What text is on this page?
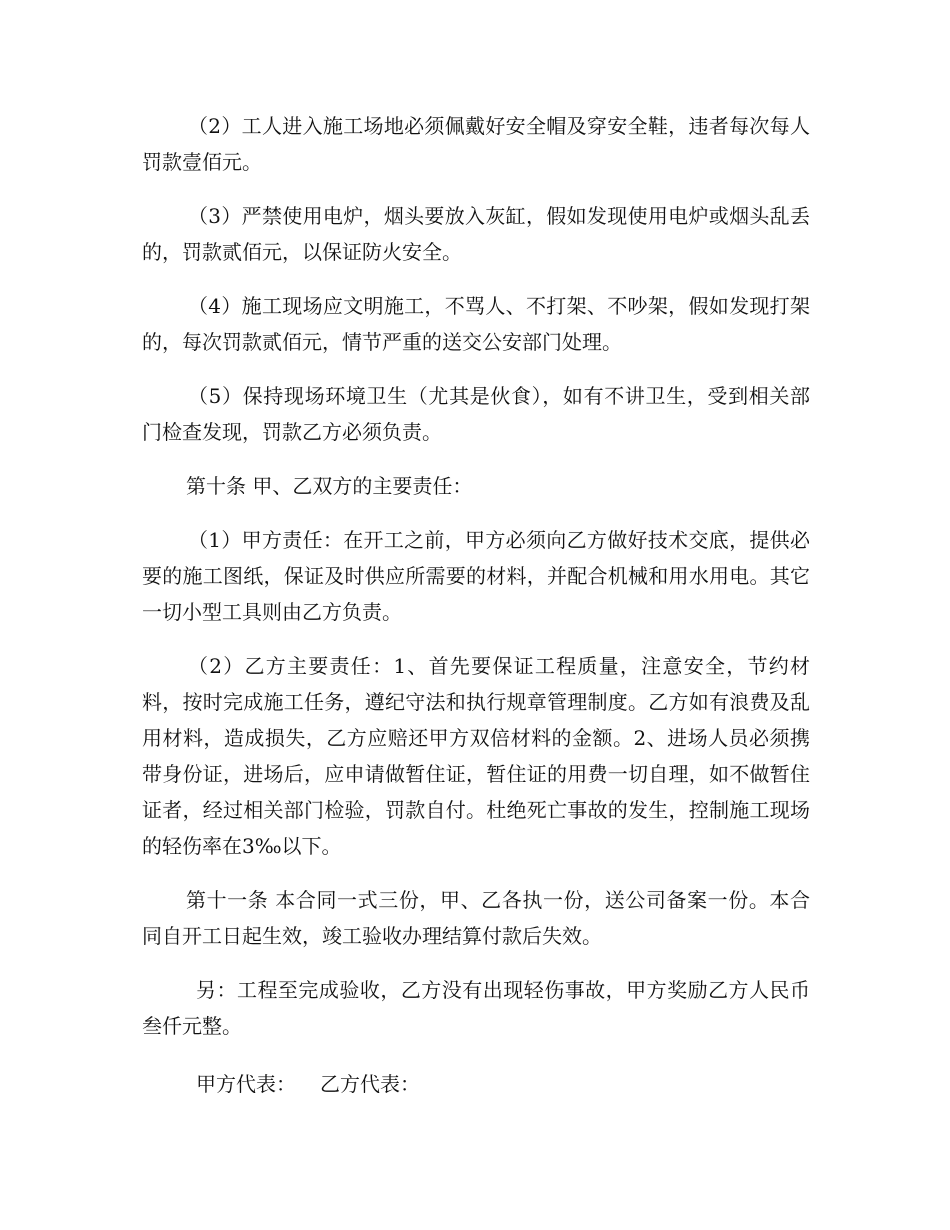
（2）工人进入施工场地必须佩戴好安全帽及穿安全鞋，违者每次每人罚款壹佰元。

（3）严禁使用电炉，烟头要放入灰缸，假如发现使用电炉或烟头乱丢的，罚款贰佰元，以保证防火安全。

（4）施工现场应文明施工，不骂人、不打架、不吵架，假如发现打架的，每次罚款贰佰元，情节严重的送交公安部门处理。

（5）保持现场环境卫生（尤其是伙食），如有不讲卫生，受到相关部门检查发现，罚款乙方必须负责。

第十条 甲、乙双方的主要责任：

（1）甲方责任：在开工之前，甲方必须向乙方做好技术交底，提供必要的施工图纸，保证及时供应所需要的材料，并配合机械和用水用电。其它一切小型工具则由乙方负责。

（2）乙方主要责任：1、首先要保证工程质量，注意安全，节约材料，按时完成施工任务，遵纪守法和执行规章管理制度。乙方如有浪费及乱用材料，造成损失，乙方应赔还甲方双倍材料的金额。2、进场人员必须携带身份证，进场后，应申请做暂住证，暂住证的用费一切自理，如不做暂住证者，经过相关部门检验，罚款自付。杜绝死亡事故的发生，控制施工现场的轻伤率在3‰以下。

第十一条 本合同一式三份，甲、乙各执一份，送公司备案一份。本合同自开工日起生效，竣工验收办理结算付款后失效。

另：工程至完成验收，乙方没有出现轻伤事故，甲方奖励乙方人民币叁仟元整。

甲方代表： 乙方代表：
